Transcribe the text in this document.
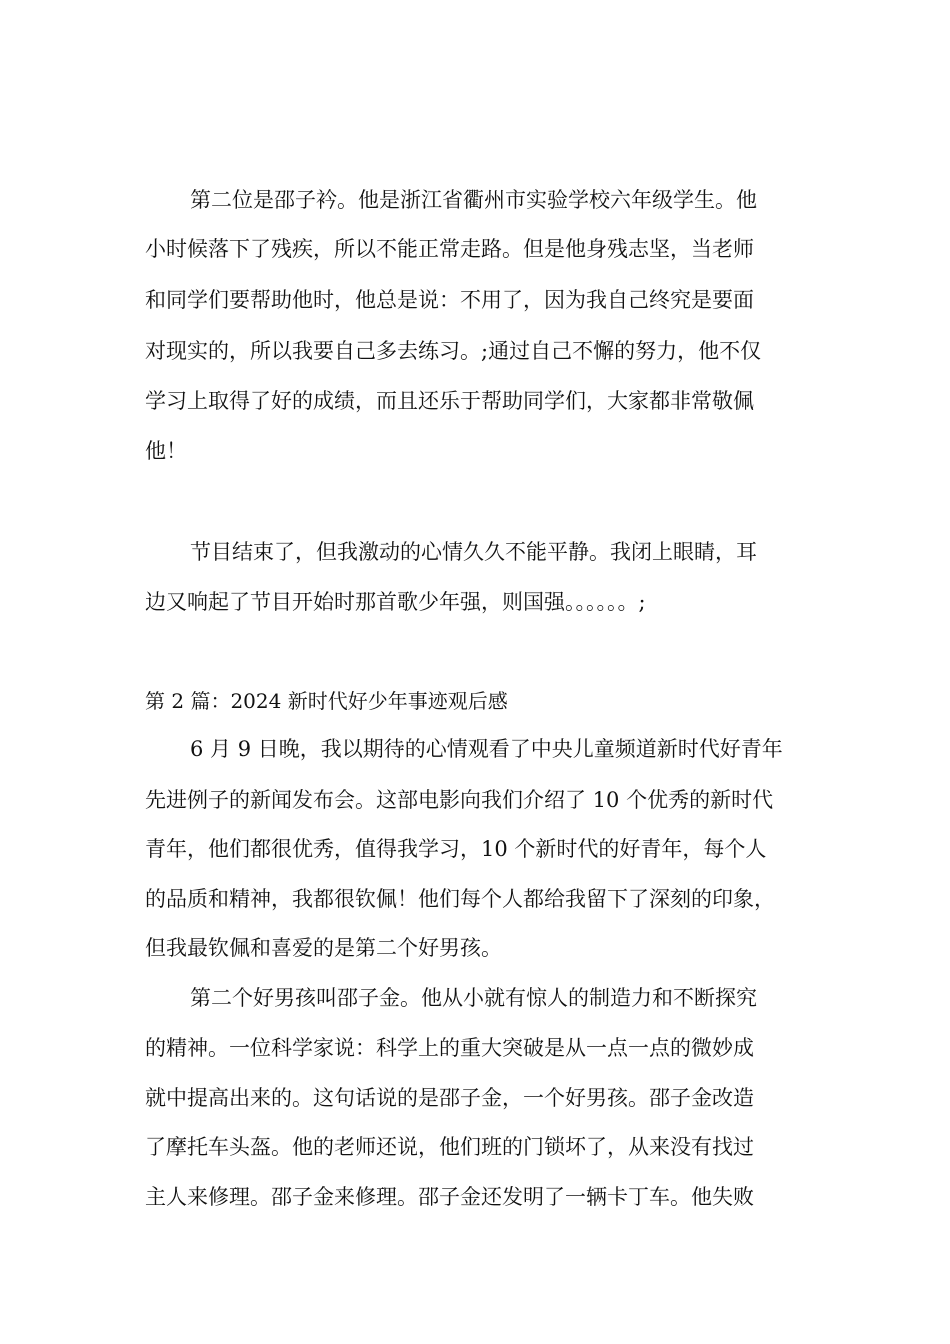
第二位是邵子衿。他是浙江省衢州市实验学校六年级学生。他

小时候落下了残疾，所以不能正常走路。但是他身残志坚，当老师

和同学们要帮助他时，他总是说：不用了，因为我自己终究是要面

对现实的，所以我要自己多去练习。;通过自己不懈的努力，他不仅

学习上取得了好的成绩，而且还乐于帮助同学们，大家都非常敬佩

他！

节目结束了，但我激动的心情久久不能平静。我闭上眼睛，耳

边又响起了节目开始时那首歌少年强，则国强。。。。。。;

第 2 篇：2024 新时代好少年事迹观后感

6 月 9 日晚，我以期待的心情观看了中央儿童频道新时代好青年

先进例子的新闻发布会。这部电影向我们介绍了 10 个优秀的新时代

青年，他们都很优秀，值得我学习，10 个新时代的好青年，每个人

的品质和精神，我都很钦佩！他们每个人都给我留下了深刻的印象，

但我最钦佩和喜爱的是第二个好男孩。

第二个好男孩叫邵子金。他从小就有惊人的制造力和不断探究

的精神。一位科学家说：科学上的重大突破是从一点一点的微妙成

就中提高出来的。这句话说的是邵子金，一个好男孩。邵子金改造

了摩托车头盔。他的老师还说，他们班的门锁坏了，从来没有找过

主人来修理。邵子金来修理。邵子金还发明了一辆卡丁车。他失败
